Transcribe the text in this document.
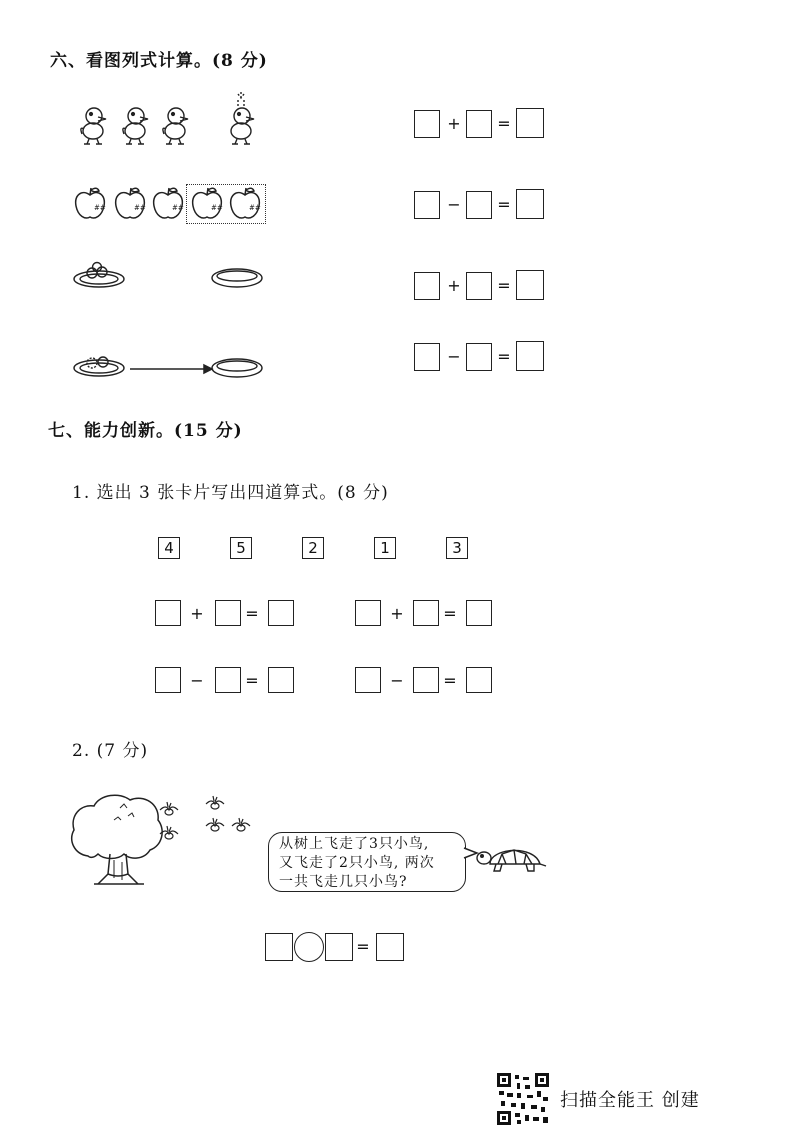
六、看图列式计算。(8 分)
+ =
##	##	##	##	##	− =
+ =
− =
七、能力创新。(15 分)
1. 选出 3 张卡片写出四道算式。(8 分)
4	5	2	1	3
+	=	+ =
−	=	− =
2. (7 分)
从树上飞走了3只小鸟,
又飞走了2只小鸟, 两次
一共飞走几只小鸟?
=
扫描全能王 创建
